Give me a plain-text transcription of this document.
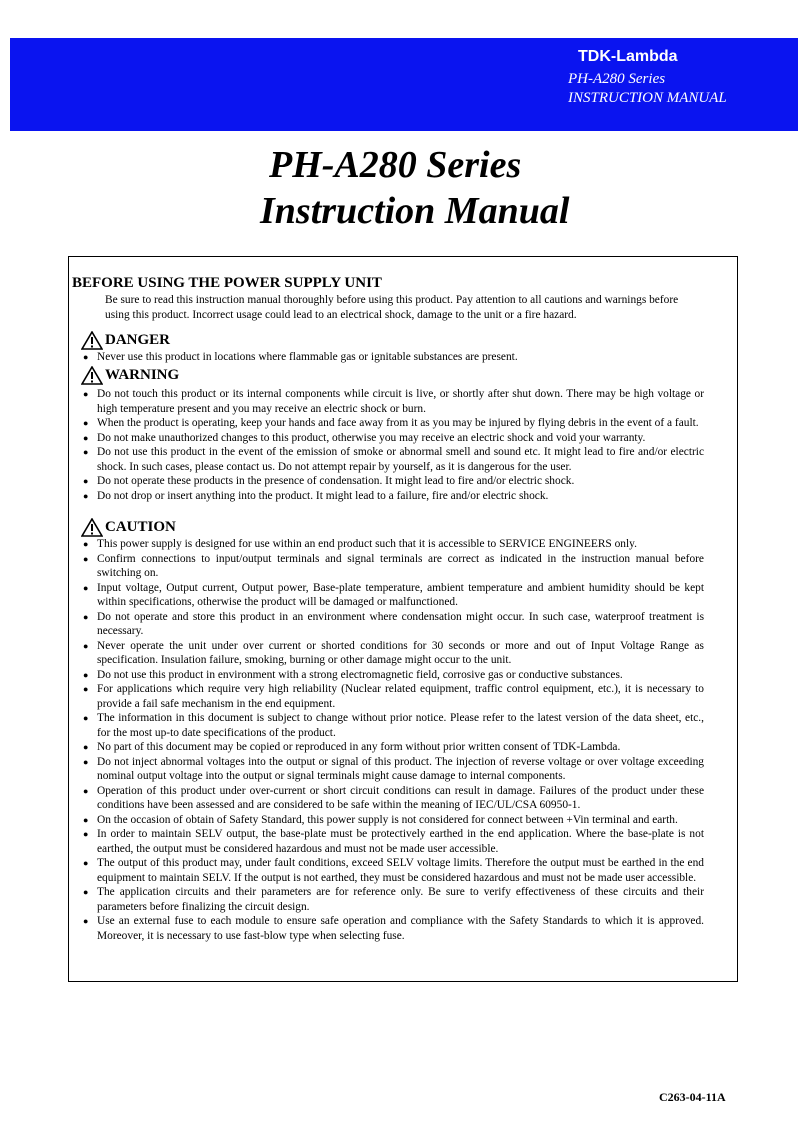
TDK-Lambda
PH-A280 Series
INSTRUCTION MANUAL
PH-A280 Series
Instruction Manual
BEFORE USING THE POWER SUPPLY UNIT
Be sure to read this instruction manual thoroughly before using this product. Pay attention to all cautions and warnings before using this product. Incorrect usage could lead to an electrical shock, damage to the unit or a fire hazard.
DANGER
● Never use this product in locations where flammable gas or ignitable substances are present.
WARNING
● Do not touch this product or its internal components while circuit is live, or shortly after shut down. There may be high voltage or high temperature present and you may receive an electric shock or burn.
● When the product is operating, keep your hands and face away from it as you may be injured by flying debris in the event of a fault.
● Do not make unauthorized changes to this product, otherwise you may receive an electric shock and void your warranty.
● Do not use this product in the event of the emission of smoke or abnormal smell and sound etc. It might lead to fire and/or electric shock. In such cases, please contact us. Do not attempt repair by yourself, as it is dangerous for the user.
● Do not operate these products in the presence of condensation. It might lead to fire and/or electric shock.
● Do not drop or insert anything into the product. It might lead to a failure, fire and/or electric shock.
CAUTION
● This power supply is designed for use within an end product such that it is accessible to SERVICE ENGINEERS only.
● Confirm connections to input/output terminals and signal terminals are correct as indicated in the instruction manual before switching on.
● Input voltage, Output current, Output power, Base-plate temperature, ambient temperature and ambient humidity should be kept within specifications, otherwise the product will be damaged or malfunctioned.
● Do not operate and store this product in an environment where condensation might occur. In such case, waterproof treatment is necessary.
● Never operate the unit under over current or shorted conditions for 30 seconds or more and out of Input Voltage Range as specification. Insulation failure, smoking, burning or other damage might occur to the unit.
● Do not use this product in environment with a strong electromagnetic field, corrosive gas or conductive substances.
● For applications which require very high reliability (Nuclear related equipment, traffic control equipment, etc.), it is necessary to provide a fail safe mechanism in the end equipment.
● The information in this document is subject to change without prior notice. Please refer to the latest version of the data sheet, etc., for the most up-to date specifications of the product.
● No part of this document may be copied or reproduced in any form without prior written consent of TDK-Lambda.
● Do not inject abnormal voltages into the output or signal of this product. The injection of reverse voltage or over voltage exceeding nominal output voltage into the output or signal terminals might cause damage to internal components.
● Operation of this product under over-current or short circuit conditions can result in damage. Failures of the product under these conditions have been assessed and are considered to be safe within the meaning of IEC/UL/CSA 60950-1.
● On the occasion of obtain of Safety Standard, this power supply is not considered for connect between +Vin terminal and earth.
● In order to maintain SELV output, the base-plate must be protectively earthed in the end application. Where the base-plate is not earthed, the output must be considered hazardous and must not be made user accessible.
● The output of this product may, under fault conditions, exceed SELV voltage limits. Therefore the output must be earthed in the end equipment to maintain SELV. If the output is not earthed, they must be considered hazardous and must not be made user accessible.
● The application circuits and their parameters are for reference only. Be sure to verify effectiveness of these circuits and their parameters before finalizing the circuit design.
● Use an external fuse to each module to ensure safe operation and compliance with the Safety Standards to which it is approved. Moreover, it is necessary to use fast-blow type when selecting fuse.
C263-04-11A
